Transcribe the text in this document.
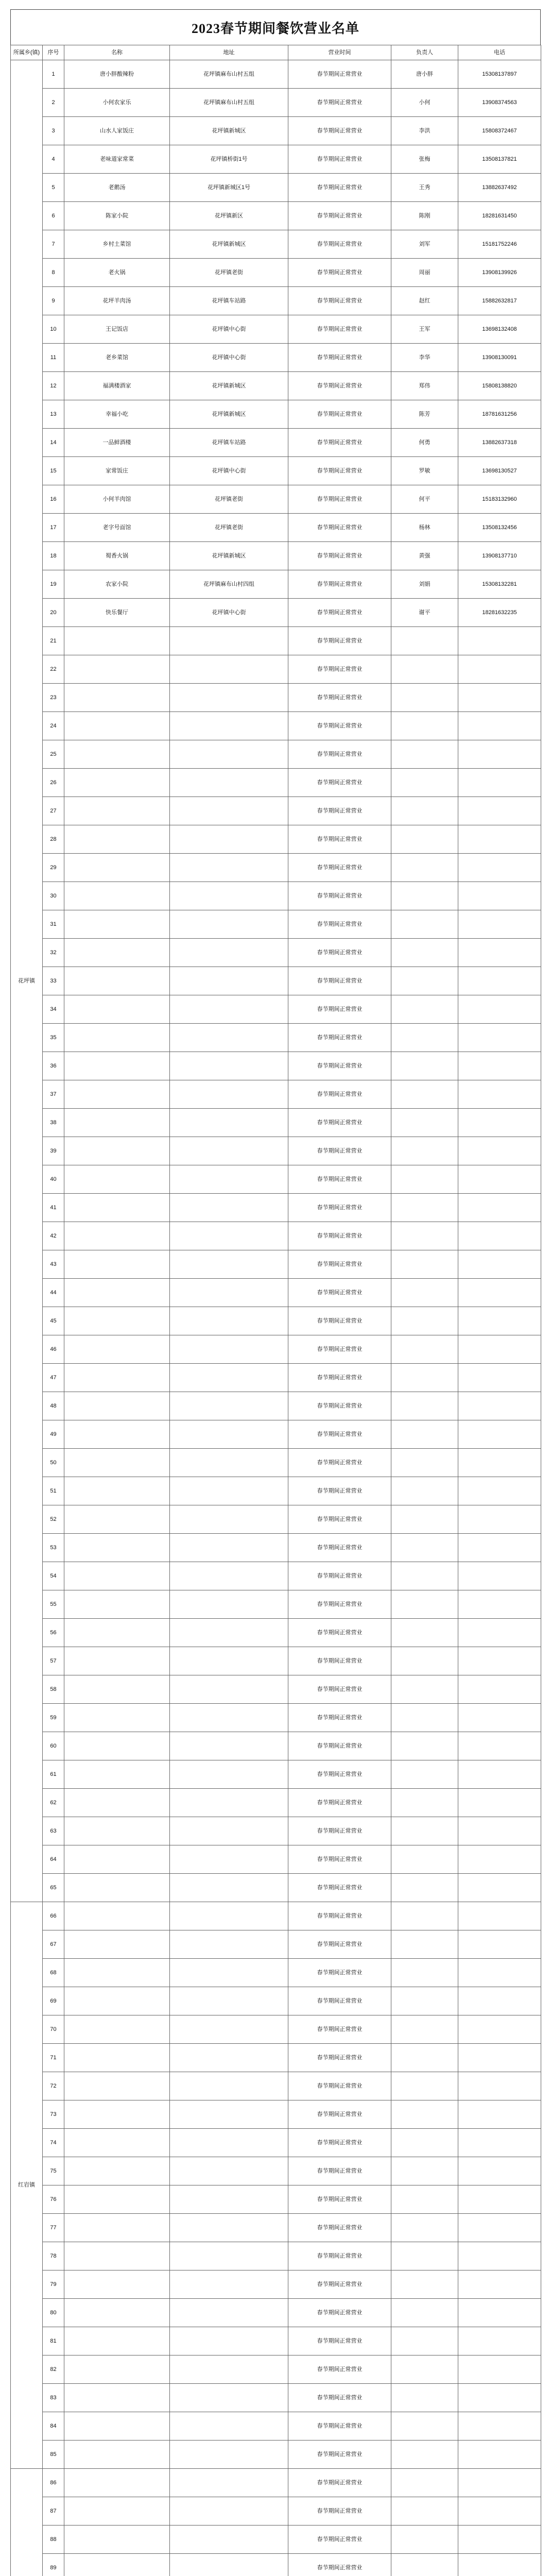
2023春节期间餐饮营业名单
所属乡(镇)	序号	名称	地址	营业时间	负责人	电话
花坪镇	1	唐小胖酸辣粉	花坪镇麻布山村五组	春节期间正常营业	唐小胖	15308137897
	2	小何农家乐	花坪镇麻布山村五组	春节期间正常营业	小何	13908374563
	3	山水人家饭庄	花坪镇新城区	春节期间正常营业	李洪	15808372467
	4	老味道家常菜	花坪镇桥街1号	春节期间正常营业	张梅	13508137821
	5	老鹅汤	花坪镇新城区1号	春节期间正常营业	王秀	13882637492
	6	陈家小院	花坪镇新区	春节期间正常营业	陈刚	18281631450
	7	乡村土菜馆	花坪镇新城区	春节期间正常营业	刘军	15181752246
	8	老火锅	花坪镇老街	春节期间正常营业	周丽	13908139926
	9	花坪羊肉汤	花坪镇车站路	春节期间正常营业	赵红	15882632817
	10	王记饭店	花坪镇中心街	春节期间正常营业	王军	13698132408
	11	老乡菜馆	花坪镇中心街	春节期间正常营业	李华	13908130091
	12	福满楼酒家	花坪镇新城区	春节期间正常营业	郑伟	15808138820
	13	幸福小吃	花坪镇新城区	春节期间正常营业	陈芳	18781631256
	14	一品鲜酒楼	花坪镇车站路	春节期间正常营业	何勇	13882637318
	15	家常饭庄	花坪镇中心街	春节期间正常营业	罗敏	13698130527
	16	小何羊肉馆	花坪镇老街	春节期间正常营业	何平	15183132960
	17	老字号面馆	花坪镇老街	春节期间正常营业	杨林	13508132456
	18	蜀香火锅	花坪镇新城区	春节期间正常营业	黄强	13908137710
	19	农家小院	花坪镇麻布山村四组	春节期间正常营业	刘娟	15308132281
	20	快乐餐厅	花坪镇中心街	春节期间正常营业	谢平	18281632235
	21			春节期间正常营业		
	22			春节期间正常营业		
	23			春节期间正常营业		
	24			春节期间正常营业		
	25			春节期间正常营业		
	26			春节期间正常营业		
	27			春节期间正常营业		
	28			春节期间正常营业		
	29			春节期间正常营业		
	30			春节期间正常营业		
	31			春节期间正常营业		
	32			春节期间正常营业		
	33			春节期间正常营业		
	34			春节期间正常营业		
	35			春节期间正常营业		
	36			春节期间正常营业		
	37			春节期间正常营业		
	38			春节期间正常营业		
	39			春节期间正常营业		
	40			春节期间正常营业		
	41			春节期间正常营业		
	42			春节期间正常营业		
	43			春节期间正常营业		
	44			春节期间正常营业		
	45			春节期间正常营业		
	46			春节期间正常营业		
	47			春节期间正常营业		
	48			春节期间正常营业		
	49			春节期间正常营业		
	50			春节期间正常营业		
	51			春节期间正常营业		
	52			春节期间正常营业		
	53			春节期间正常营业		
	54			春节期间正常营业		
	55			春节期间正常营业		
	56			春节期间正常营业		
	57			春节期间正常营业		
	58			春节期间正常营业		
	59			春节期间正常营业		
	60			春节期间正常营业		
	61			春节期间正常营业		
	62			春节期间正常营业		
	63			春节期间正常营业		
	64			春节期间正常营业		
	65			春节期间正常营业		
红岩镇	66			春节期间正常营业		
	67			春节期间正常营业		
	68			春节期间正常营业		
	69			春节期间正常营业		
	70			春节期间正常营业		
	71			春节期间正常营业		
	72			春节期间正常营业		
	73			春节期间正常营业		
	74			春节期间正常营业		
	75			春节期间正常营业		
	76			春节期间正常营业		
	77			春节期间正常营业		
	78			春节期间正常营业		
	79			春节期间正常营业		
	80			春节期间正常营业		
	81			春节期间正常营业		
	82			春节期间正常营业		
	83			春节期间正常营业		
	84			春节期间正常营业		
	85			春节期间正常营业		
	86			春节期间正常营业		
	87			春节期间正常营业		
	88			春节期间正常营业		
	89			春节期间正常营业		
